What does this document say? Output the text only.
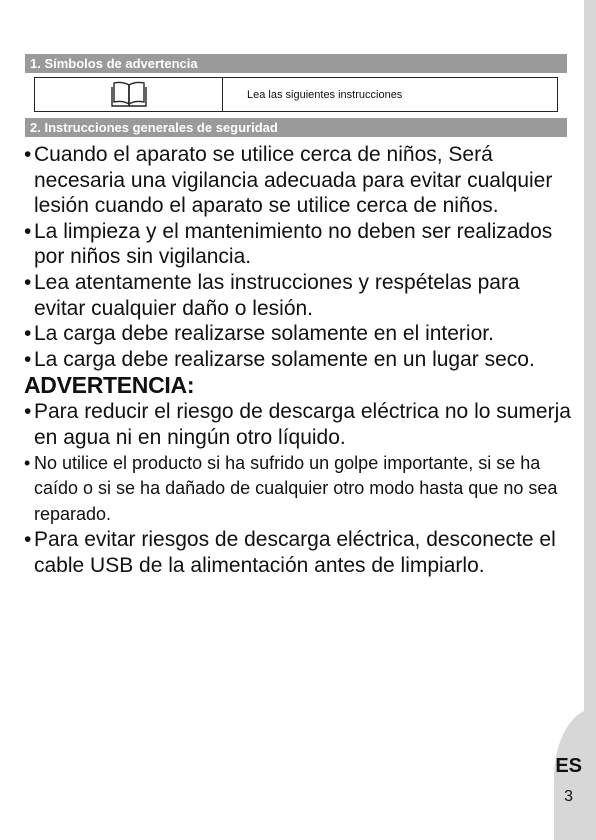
1. Símbolos de advertencia
Lea las siguientes instrucciones
2. Instrucciones generales de seguridad
• Cuando el aparato se utilice cerca de niños, Será necesaria una vigilancia adecuada para evitar cualquier lesión cuando el aparato se utilice cerca de niños.
• La limpieza y el mantenimiento no deben ser realizados por niños sin vigilancia.
• Lea atentamente las instrucciones y respételas para evitar cualquier daño o lesión.
• La carga debe realizarse solamente en el interior.
• La carga debe realizarse solamente en un lugar seco.
ADVERTENCIA:
• Para reducir el riesgo de descarga eléctrica no lo sumerja en agua ni en ningún otro líquido.
• No utilice el producto si ha sufrido un golpe importante, si se ha caído o si se ha dañado de cualquier otro modo hasta que no sea reparado.
• Para evitar riesgos de descarga eléctrica, desconecte el cable USB de la alimentación antes de limpiarlo.
ES
3
